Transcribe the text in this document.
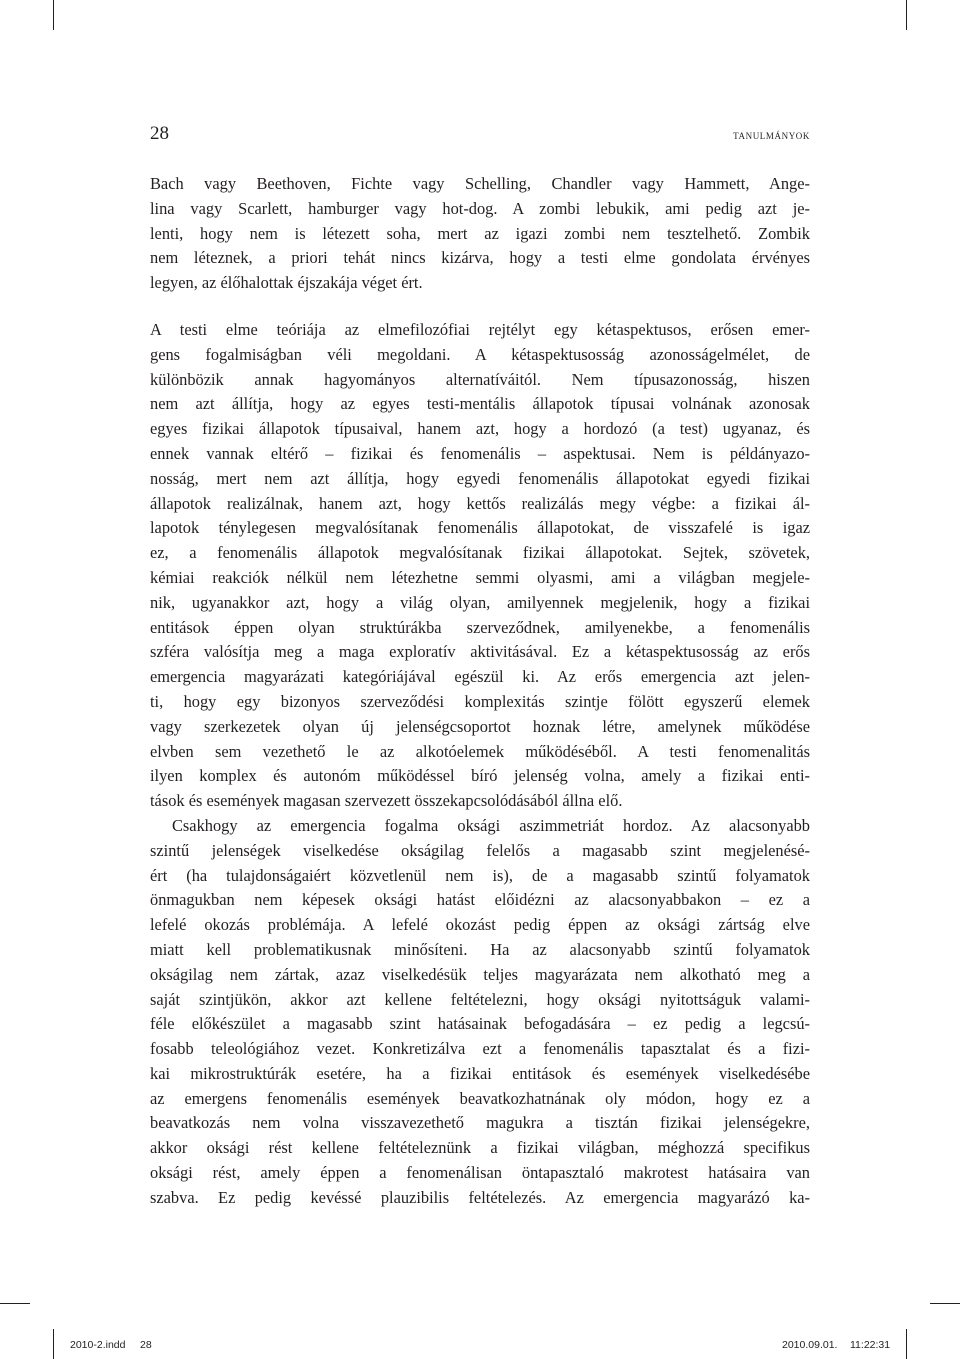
28	tanulmányok
Bach vagy Beethoven, Fichte vagy Schelling, Chandler vagy Hammett, Ange-
lina vagy Scarlett, hamburger vagy hot-dog. A zombi lebukik, ami pedig azt je-
lenti, hogy nem is létezett soha, mert az igazi zombi nem tesztelhető. Zombik
nem léteznek, a priori tehát nincs kizárva, hogy a testi elme gondolata érvényes
legyen, az élőhalottak éjszakája véget ért.
A testi elme teóriája az elmefilozófiai rejtélyt egy kétaspektusos, erősen emer-
gens fogalmiságban véli megoldani. A kétaspektusosság azonosságelmélet, de
különbözik annak hagyományos alternatíváitól. Nem típusazonosság, hiszen
nem azt állítja, hogy az egyes testi-mentális állapotok típusai volnának azonosak
egyes fizikai állapotok típusaival, hanem azt, hogy a hordozó (a test) ugyanaz, és
ennek vannak eltérő – fizikai és fenomenális – aspektusai. Nem is példányazo-
nosság, mert nem azt állítja, hogy egyedi fenomenális állapotokat egyedi fizikai
állapotok realizálnak, hanem azt, hogy kettős realizálás megy végbe: a fizikai ál-
lapotok ténylegesen megvalósítanak fenomenális állapotokat, de visszafelé is igaz
ez, a fenomenális állapotok megvalósítanak fizikai állapotokat. Sejtek, szövetek,
kémiai reakciók nélkül nem létezhetne semmi olyasmi, ami a világban megjele-
nik, ugyanakkor azt, hogy a világ olyan, amilyennek megjelenik, hogy a fizikai
entitások éppen olyan struktúrákba szerveződnek, amilyenekbe, a fenomenális
szféra valósítja meg a maga exploratív aktivitásával. Ez a kétaspektusosság az erős
emergencia magyarázati kategóriájával egészül ki. Az erős emergencia azt jelen-
ti, hogy egy bizonyos szerveződési komplexitás szintje fölött egyszerű elemek
vagy szerkezetek olyan új jelenségcsoportot hoznak létre, amelynek működése
elvben sem vezethető le az alkotóelemek működéséből. A testi fenomenalitás
ilyen komplex és autonóm működéssel bíró jelenség volna, amely a fizikai enti-
tások és események magasan szervezett összekapcsolódásából állna elő.
Csakhogy az emergencia fogalma oksági aszimmetriát hordoz. Az alacsonyabb
szintű jelenségek viselkedése okságilag felelős a magasabb szint megjelenésé-
ért (ha tulajdonságaiért közvetlenül nem is), de a magasabb szintű folyamatok
önmagukban nem képesek oksági hatást előidézni az alacsonyabbakon – ez a
lefelé okozás problémája. A lefelé okozást pedig éppen az oksági zártság elve
miatt kell problematikusnak minősíteni. Ha az alacsonyabb szintű folyamatok
okságilag nem zártak, azaz viselkedésük teljes magyarázata nem alkotható meg a
saját szintjükön, akkor azt kellene feltételezni, hogy oksági nyitottságuk valami-
féle előkészület a magasabb szint hatásainak befogadására – ez pedig a legcsú-
fosabb teleológiához vezet. Konkretizálva ezt a fenomenális tapasztalat és a fizi-
kai mikrostruktúrák esetére, ha a fizikai entitások és események viselkedésébe
az emergens fenomenális események beavatkozhatnának oly módon, hogy ez a
beavatkozás nem volna visszavezethető magukra a tisztán fizikai jelenségekre,
akkor oksági rést kellene feltételeznünk a fizikai világban, méghozzá specifikus
oksági rést, amely éppen a fenomenálisan öntapasztaló makrotest hatásaira van
szabva. Ez pedig kevéssé plauzibilis feltételezés. Az emergencia magyarázó ka-
2010-2.indd 28	2010.09.01. 11:22:31
